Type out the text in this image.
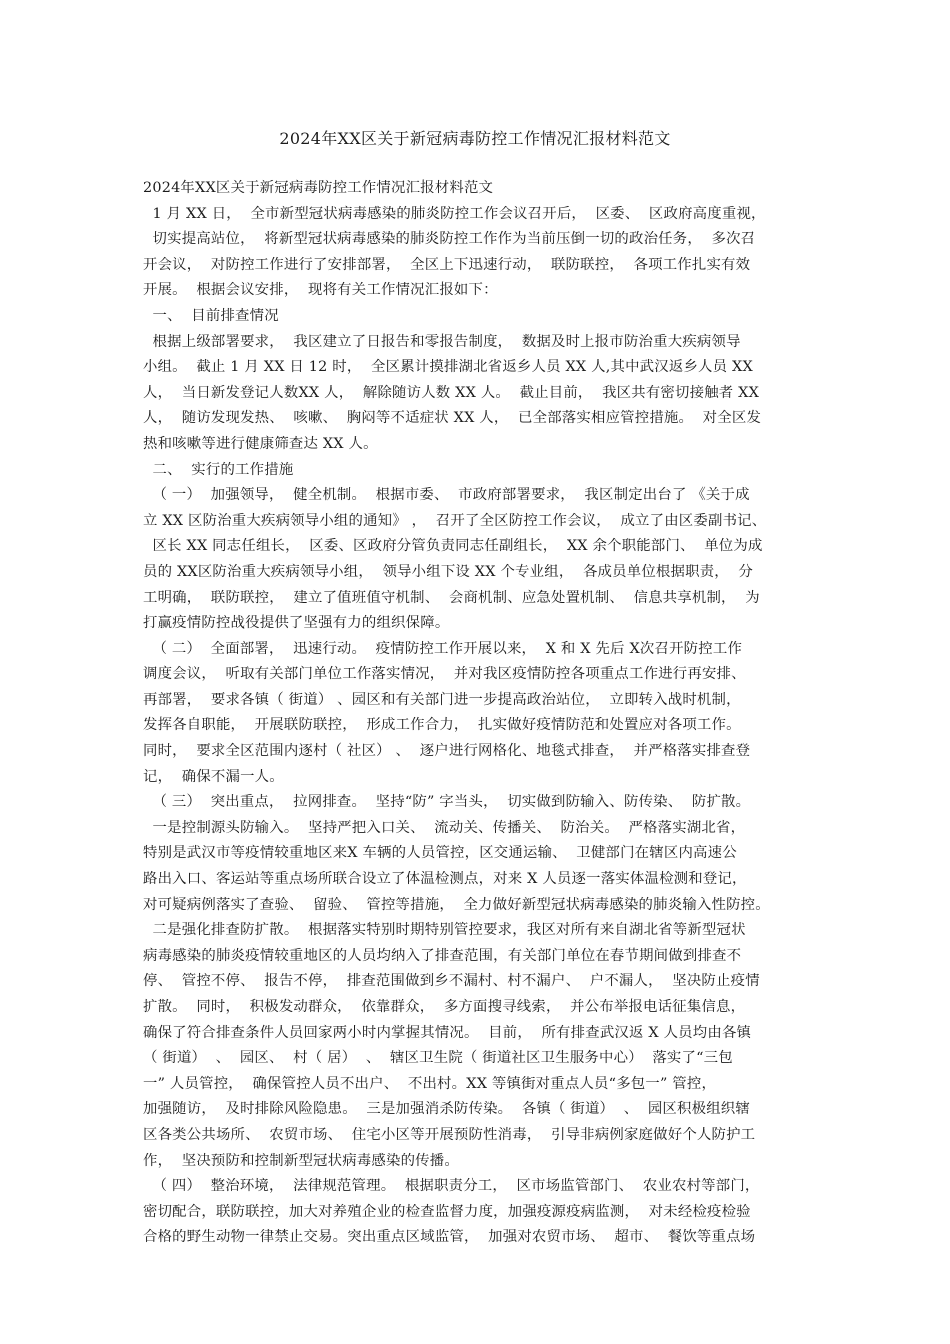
2024年XX区关于新冠病毒防控工作情况汇报材料范文
2024年XX区关于新冠病毒防控工作情况汇报材料范文
1 月 XX 日，  全市新型冠状病毒感染的肺炎防控工作会议召开后，  区委、  区政府高度重视，
切实提高站位，  将新型冠状病毒感染的肺炎防控工作作为当前压倒一切的政治任务，  多次召
开会议，  对防控工作进行了安排部署，  全区上下迅速行动，  联防联控，  各项工作扎实有效
开展。  根据会议安排，  现将有关工作情况汇报如下：
一、  目前排查情况
根据上级部署要求，  我区建立了日报告和零报告制度，  数据及时上报市防治重大疾病领导
小组。  截止 1 月 XX 日 12 时，  全区累计摸排湖北省返乡人员 XX 人,其中武汉返乡人员 XX
人，  当日新发登记人数XX 人，  解除随访人数 XX 人。  截止目前，  我区共有密切接触者 XX
人，  随访发现发热、  咳嗽、  胸闷等不适症状 XX 人，  已全部落实相应管控措施。  对全区发
热和咳嗽等进行健康筛查达 XX 人。
二、  实行的工作措施
（ 一）  加强领导，  健全机制。  根据市委、  市政府部署要求，  我区制定出台了 《关于成
立 XX 区防治重大疾病领导小组的通知》 ，  召开了全区防控工作会议，  成立了由区委副书记、
区长 XX 同志任组长，  区委、区政府分管负责同志任副组长，  XX 余个职能部门、  单位为成
员的 XX区防治重大疾病领导小组，  领导小组下设 XX 个专业组，  各成员单位根据职责，  分
工明确，  联防联控，  建立了值班值守机制、  会商机制、应急处置机制、  信息共享机制，  为
打赢疫情防控战役提供了坚强有力的组织保障。
（ 二）  全面部署，  迅速行动。  疫情防控工作开展以来，  X 和 X 先后 X次召开防控工作
调度会议，  听取有关部门单位工作落实情况，  并对我区疫情防控各项重点工作进行再安排、
再部署，  要求各镇（ 街道） 、园区和有关部门进一步提高政治站位，  立即转入战时机制，
发挥各自职能，  开展联防联控，  形成工作合力，  扎实做好疫情防范和处置应对各项工作。
同时，  要求全区范围内逐村（ 社区） 、  逐户进行网格化、地毯式排查，  并严格落实排查登
记，  确保不漏一人。
（ 三）  突出重点，  拉网排查。  坚持“防” 字当头，  切实做到防输入、防传染、  防扩散。
一是控制源头防输入。  坚持严把入口关、  流动关、传播关、  防治关。  严格落实湖北省，
特别是武汉市等疫情较重地区来X 车辆的人员管控，区交通运输、  卫健部门在辖区内高速公
路出入口、客运站等重点场所联合设立了体温检测点，对来 X 人员逐一落实体温检测和登记，
对可疑病例落实了查验、  留验、  管控等措施，  全力做好新型冠状病毒感染的肺炎输入性防控。
二是强化排查防扩散。  根据落实特别时期特别管控要求，我区对所有来自湖北省等新型冠状
病毒感染的肺炎疫情较重地区的人员均纳入了排查范围，有关部门单位在春节期间做到排查不
停、  管控不停、  报告不停，  排查范围做到乡不漏村、村不漏户、  户不漏人，  坚决防止疫情
扩散。  同时，  积极发动群众，  依靠群众，  多方面搜寻线索，  并公布举报电话征集信息，
确保了符合排查条件人员回家两小时内掌握其情况。  目前，  所有排查武汉返 X 人员均由各镇
（ 街道）  、  园区、  村（ 居）  、  辖区卫生院（ 街道社区卫生服务中心）  落实了“三包
一” 人员管控，  确保管控人员不出户、  不出村。XX 等镇街对重点人员“多包一” 管控，
加强随访，  及时排除风险隐患。  三是加强消杀防传染。  各镇（ 街道）  、  园区积极组织辖
区各类公共场所、  农贸市场、  住宅小区等开展预防性消毒，  引导非病例家庭做好个人防护工
作，  坚决预防和控制新型冠状病毒感染的传播。
（ 四）  整治环境，  法律规范管理。  根据职责分工，  区市场监管部门、  农业农村等部门，
密切配合，联防联控，加大对养殖企业的检查监督力度，加强疫源疫病监测，  对未经检疫检验
合格的野生动物一律禁止交易。突出重点区域监管，  加强对农贸市场、  超市、  餐饮等重点场
